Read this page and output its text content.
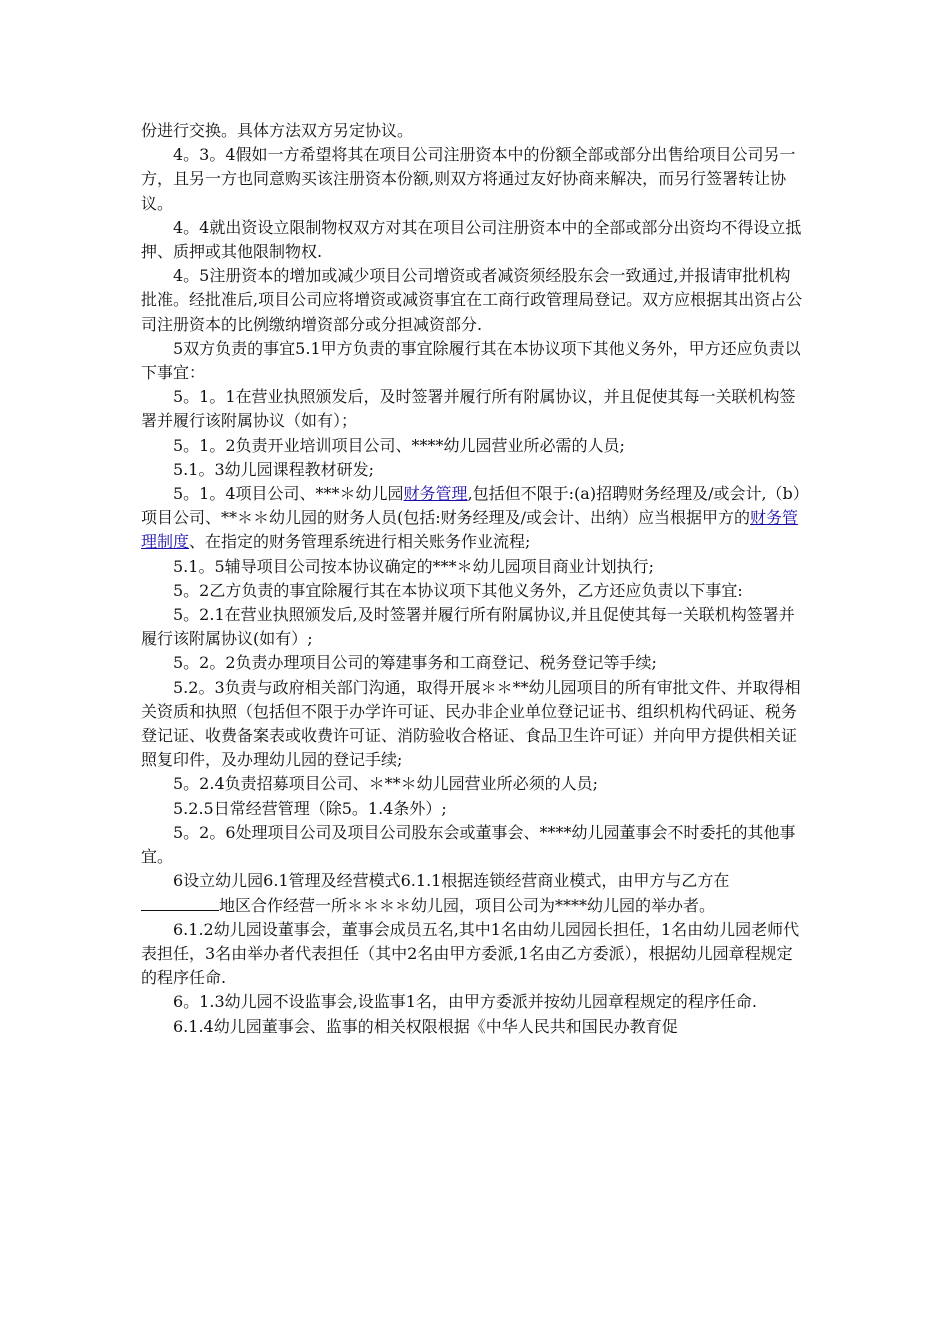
份进行交换。具体方法双方另定协议。

4。3。4假如一方希望将其在项目公司注册资本中的份额全部或部分出售给项目公司另一方，且另一方也同意购买该注册资本份额,则双方将通过友好协商来解决，而另行签署转让协议。

4。4就出资设立限制物权双方对其在项目公司注册资本中的全部或部分出资均不得设立抵押、质押或其他限制物权.

4。5注册资本的增加或减少项目公司增资或者减资须经股东会一致通过,并报请审批机构批准。经批准后,项目公司应将增资或减资事宜在工商行政管理局登记。双方应根据其出资占公司注册资本的比例缴纳增资部分或分担减资部分.

5双方负责的事宜5.1甲方负责的事宜除履行其在本协议项下其他义务外，甲方还应负责以下事宜：

5。1。1在营业执照颁发后，及时签署并履行所有附属协议，并且促使其每一关联机构签署并履行该附属协议（如有）；

5。1。2负责开业培训项目公司、****幼儿园营业所必需的人员;

5.1。3幼儿园课程教材研发;

5。1。4项目公司、***＊幼儿园财务管理,包括但不限于:(a)招聘财务经理及/或会计,（b）项目公司、**＊＊幼儿园的财务人员(包括:财务经理及/或会计、出纳）应当根据甲方的财务管理制度、在指定的财务管理系统进行相关账务作业流程;

5.1。5辅导项目公司按本协议确定的***＊幼儿园项目商业计划执行;

5。2乙方负责的事宜除履行其在本协议项下其他义务外，乙方还应负责以下事宜:

5。2.1在营业执照颁发后,及时签署并履行所有附属协议,并且促使其每一关联机构签署并履行该附属协议(如有）;

5。2。2负责办理项目公司的筹建事务和工商登记、税务登记等手续;

5.2。3负责与政府相关部门沟通，取得开展＊＊**幼儿园项目的所有审批文件、并取得相关资质和执照（包括但不限于办学许可证、民办非企业单位登记证书、组织机构代码证、税务登记证、收费备案表或收费许可证、消防验收合格证、食品卫生许可证）并向甲方提供相关证照复印件，及办理幼儿园的登记手续;

5。2.4负责招募项目公司、＊**＊幼儿园营业所必须的人员;

5.2.5日常经营管理（除5。1.4条外）;

5。2。6处理项目公司及项目公司股东会或董事会、****幼儿园董事会不时委托的其他事宜。

6设立幼儿园6.1管理及经营模式6.1.1根据连锁经营商业模式，由甲方与乙方在地区合作经营一所＊＊＊＊幼儿园，项目公司为****幼儿园的举办者。

6.1.2幼儿园设董事会，董事会成员五名,其中1名由幼儿园园长担任，1名由幼儿园老师代表担任，3名由举办者代表担任（其中2名由甲方委派,1名由乙方委派），根据幼儿园章程规定的程序任命.

6。1.3幼儿园不设监事会,设监事1名，由甲方委派并按幼儿园章程规定的程序任命.

6.1.4幼儿园董事会、监事的相关权限根据《中华人民共和国民办教育促
